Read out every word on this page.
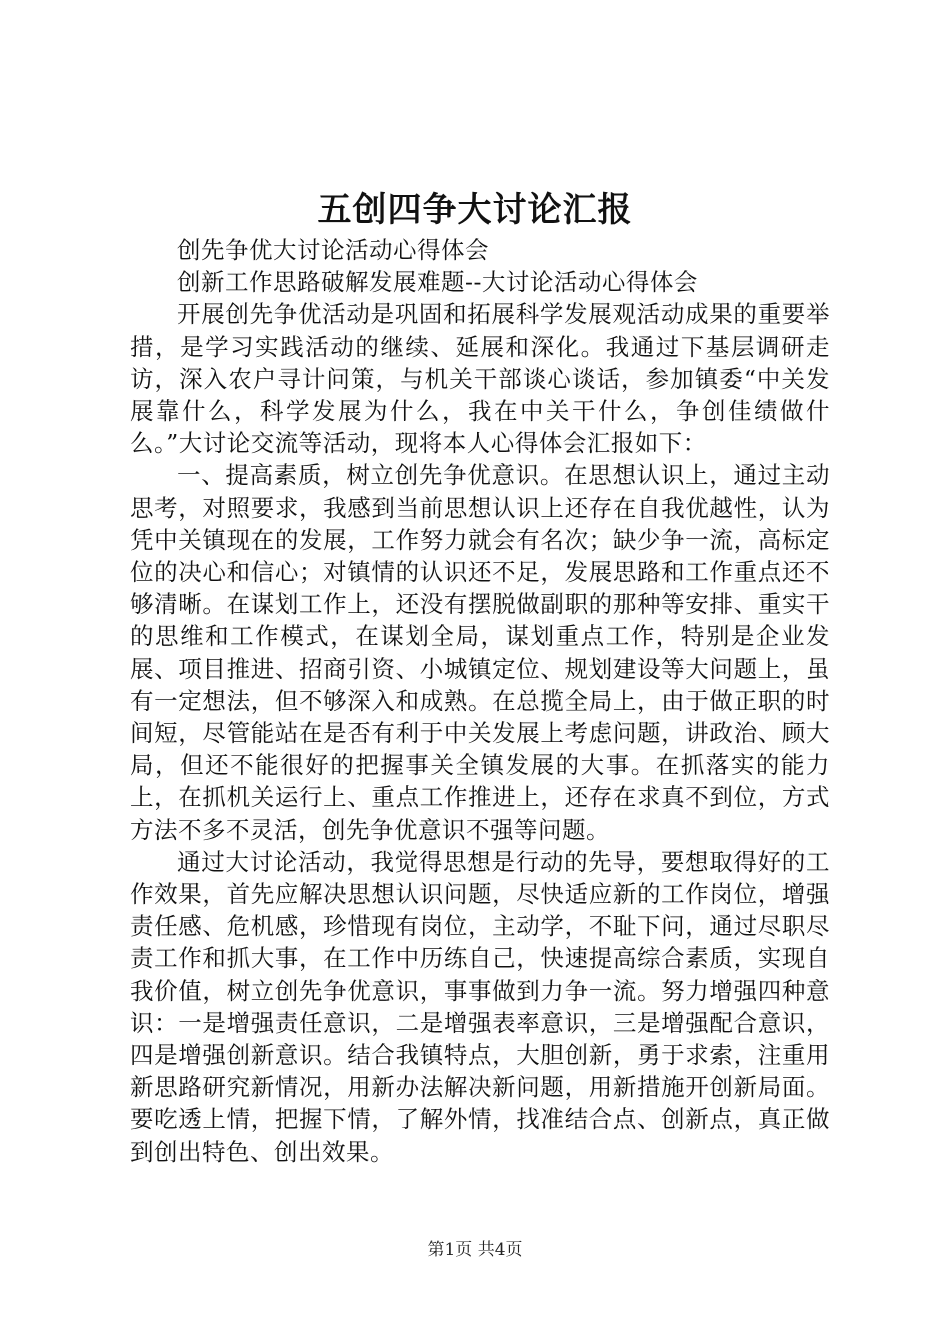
五创四争大讨论汇报

创先争优大讨论活动心得体会

创新工作思路破解发展难题--大讨论活动心得体会

开展创先争优活动是巩固和拓展科学发展观活动成果的重要举措，是学习实践活动的继续、延展和深化。我通过下基层调研走访，深入农户寻计问策，与机关干部谈心谈话，参加镇委“中关发展靠什么，科学发展为什么，我在中关干什么，争创佳绩做什么。”大讨论交流等活动，现将本人心得体会汇报如下：

一、提高素质，树立创先争优意识。在思想认识上，通过主动思考，对照要求，我感到当前思想认识上还存在自我优越性，认为凭中关镇现在的发展，工作努力就会有名次；缺少争一流，高标定位的决心和信心；对镇情的认识还不足，发展思路和工作重点还不够清晰。在谋划工作上，还没有摆脱做副职的那种等安排、重实干的思维和工作模式，在谋划全局，谋划重点工作，特别是企业发展、项目推进、招商引资、小城镇定位、规划建设等大问题上，虽有一定想法，但不够深入和成熟。在总揽全局上，由于做正职的时间短，尽管能站在是否有利于中关发展上考虑问题，讲政治、顾大局，但还不能很好的把握事关全镇发展的大事。在抓落实的能力上，在抓机关运行上、重点工作推进上，还存在求真不到位，方式方法不多不灵活，创先争优意识不强等问题。

通过大讨论活动，我觉得思想是行动的先导，要想取得好的工作效果，首先应解决思想认识问题，尽快适应新的工作岗位，增强责任感、危机感，珍惜现有岗位，主动学，不耻下问，通过尽职尽责工作和抓大事，在工作中历练自己，快速提高综合素质，实现自我价值，树立创先争优意识，事事做到力争一流。努力增强四种意识：一是增强责任意识，二是增强表率意识，三是增强配合意识，四是增强创新意识。结合我镇特点，大胆创新，勇于求索，注重用新思路研究新情况，用新办法解决新问题，用新措施开创新局面。要吃透上情，把握下情，了解外情，找准结合点、创新点，真正做到创出特色、创出效果。

第1页 共4页
